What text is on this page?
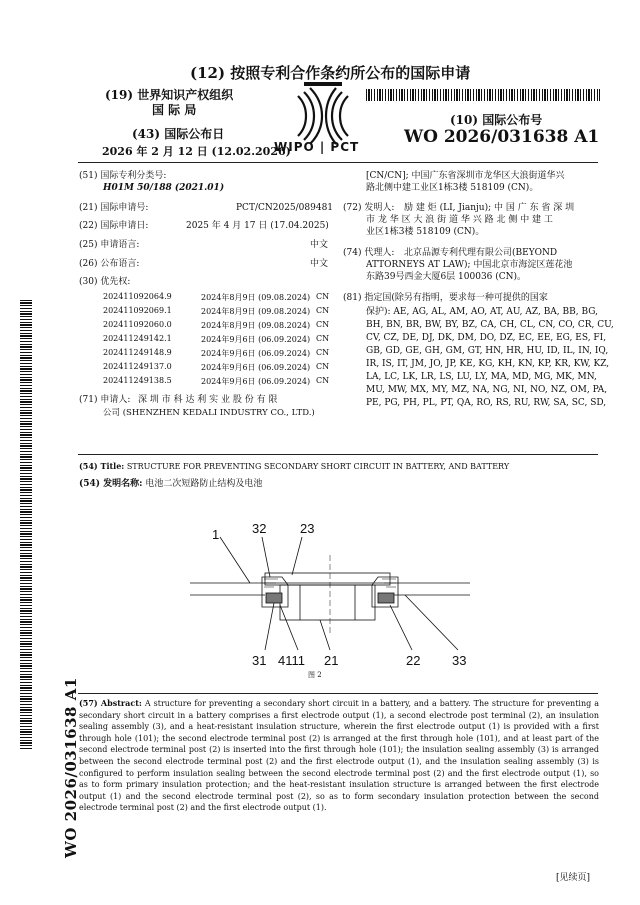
(12) 按照专利合作条约所公布的国际申请
(19) 世界知识产权组织
国 际 局
(43) 国际公布日
2026 年 2 月 12 日 (12.02.2026)
WIPO | PCT
(10) 国际公布号
WO 2026/031638 A1
WO 2026/031638 A1
(51) 国际专利分类号:
H01M 50/188 (2021.01)
(21) 国际申请号:	PCT/CN2025/089481
(22) 国际申请日:	2025 年 4 月 17 日 (17.04.2025)
(25) 申请语言:	中文
(26) 公布语言:	中文
(30) 优先权:
202411092064.9	2024年8月9日 (09.08.2024) CN
202411092069.1	2024年8月9日 (09.08.2024) CN
202411092060.0	2024年8月9日 (09.08.2024) CN
202411249142.1	2024年9月6日 (06.09.2024) CN
202411249148.9	2024年9月6日 (06.09.2024) CN
202411249137.0	2024年9月6日 (06.09.2024) CN
202411249138.5	2024年9月6日 (06.09.2024) CN
(71) 申请人: 深 圳 市 科 达 利 实 业 股 份 有 限
公司 (SHENZHEN KEDALI INDUSTRY CO., LTD.)
[CN/CN]; 中国广东省深圳市龙华区大浪街道华兴
路北侧中建工业区1栋3楼 518109 (CN)。
(72) 发明人: 励 建 炬 (LI, Jianju); 中 国 广 东 省 深 圳
市 龙 华 区 大 浪 街 道 华 兴 路 北 侧 中 建 工
业区1栋3楼 518109 (CN)。
(74) 代理人: 北京品源专利代理有限公司(BEYOND
ATTORNEYS AT LAW); 中国北京市海淀区莲花池
东路39号西金大厦6层 100036 (CN)。
(81) 指定国(除另有指明，要求每一种可提供的国家
保护): AE, AG, AL, AM, AO, AT, AU, AZ, BA, BB, BG,
BH, BN, BR, BW, BY, BZ, CA, CH, CL, CN, CO, CR, CU,
CV, CZ, DE, DJ, DK, DM, DO, DZ, EC, EE, EG, ES, FI,
GB, GD, GE, GH, GM, GT, HN, HR, HU, ID, IL, IN, IQ,
IR, IS, IT, JM, JO, JP, KE, KG, KH, KN, KP, KR, KW, KZ,
LA, LC, LK, LR, LS, LU, LY, MA, MD, MG, MK, MN,
MU, MW, MX, MY, MZ, NA, NG, NI, NO, NZ, OM, PA,
PE, PG, PH, PL, PT, QA, RO, RS, RU, RW, SA, SC, SD,
(54) Title: STRUCTURE FOR PREVENTING SECONDARY SHORT CIRCUIT IN BATTERY, AND BATTERY
(54) 发明名称: 电池二次短路防止结构及电池
1	32	23
31 4111 21	22 33
图 2
(57) Abstract: A structure for preventing a secondary short circuit in a battery, and a battery. The structure for preventing a secondary short circuit in a battery comprises a first electrode output (1), a second electrode post terminal (2), an insulation sealing assembly (3), and a heat-resistant insulation structure, wherein the first electrode output (1) is provided with a first through hole (101); the second electrode terminal post (2) is arranged at the first through hole (101), and at least part of the second electrode terminal post (2) is inserted into the first through hole (101); the insulation sealing assembly (3) is arranged between the second electrode terminal post (2) and the first electrode output (1), and the insulation sealing assembly (3) is configured to perform insulation sealing between the second electrode terminal post (2) and the first electrode output (1), so as to form primary insulation protection; and the heat-resistant insulation structure is arranged between the first electrode output (1) and the second electrode terminal post (2), so as to form secondary insulation protection between the second electrode terminal post (2) and the first electrode output (1).
[见续页]
